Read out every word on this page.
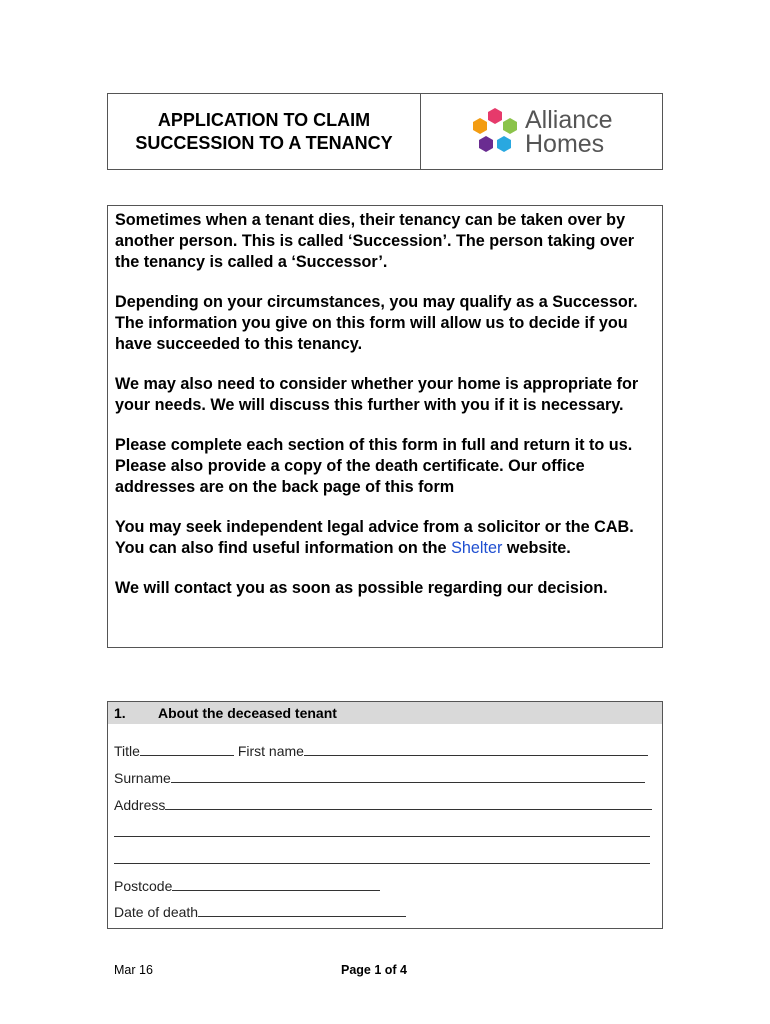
APPLICATION TO CLAIM
SUCCESSION TO A TENANCY
Alliance
Homes

Sometimes when a tenant dies, their tenancy can be taken over by another person. This is called ‘Succession’. The person taking over the tenancy is called a ‘Successor’.

Depending on your circumstances, you may qualify as a Successor. The information you give on this form will allow us to decide if you have succeeded to this tenancy.

We may also need to consider whether your home is appropriate for your needs. We will discuss this further with you if it is necessary.

Please complete each section of this form in full and return it to us. Please also provide a copy of the death certificate. Our office addresses are on the back page of this form

You may seek independent legal advice from a solicitor or the CAB. You can also find useful information on the Shelter website.

We will contact you as soon as possible regarding our decision.

1.	About the deceased tenant
Title	First name
Surname
Address
Postcode
Date of death
Mar 16	Page 1 of 4
